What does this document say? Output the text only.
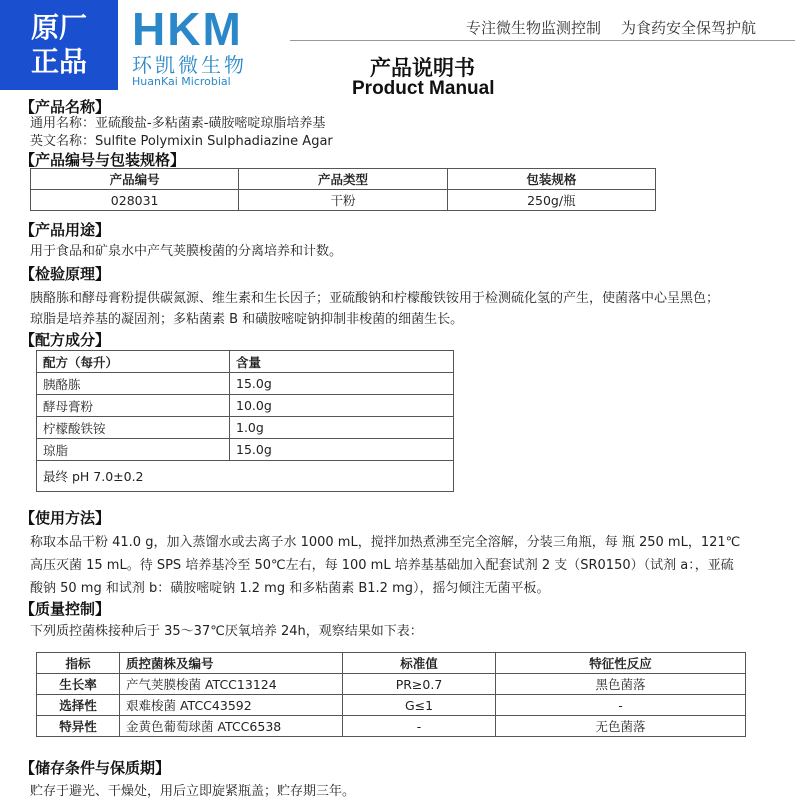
原厂
正品
HKM
环凯微生物
HuanKai Microbial
专注微生物监测控制 为食药安全保驾护航
产品说明书
Product Manual
【产品名称】
通用名称：亚硫酸盐-多粘菌素-磺胺嘧啶琼脂培养基
英文名称：Sulfite Polymixin Sulphadiazine Agar
【产品编号与包装规格】
产品编号	产品类型	包装规格
028031	干粉	250g/瓶
【产品用途】
用于食品和矿泉水中产气荚膜梭菌的分离培养和计数。
【检验原理】
胰酪胨和酵母膏粉提供碳氮源、维生素和生长因子；亚硫酸钠和柠檬酸铁铵用于检测硫化氢的产生，使菌落中心呈黑色；
琼脂是培养基的凝固剂；多粘菌素 B 和磺胺嘧啶钠抑制非梭菌的细菌生长。
【配方成分】
配方（每升）	含量
胰酪胨	15.0g
酵母膏粉	10.0g
柠檬酸铁铵	1.0g
琼脂	15.0g
最终 pH 7.0±0.2	
【使用方法】
称取本品干粉 41.0 g，加入蒸馏水或去离子水 1000 mL，搅拌加热煮沸至完全溶解，分装三角瓶，每 瓶 250 mL，121℃
高压灭菌 15 mL。待 SPS 培养基冷至 50℃左右，每 100 mL 培养基基础加入配套试剂 2 支（SR0150）（试剂 a：，亚硫
酸钠 50 mg 和试剂 b：磺胺嘧啶钠 1.2 mg 和多粘菌素 B1.2 mg），摇匀倾注无菌平板。
【质量控制】
下列质控菌株接种后于 35～37℃厌氧培养 24h，观察结果如下表：
指标	质控菌株及编号	标准值	特征性反应
生长率	产气荚膜梭菌 ATCC13124	PR≥0.7	黑色菌落
选择性	艰难梭菌 ATCC43592	G≤1	-
特异性	金黄色葡萄球菌 ATCC6538	-	无色菌落
【储存条件与保质期】
贮存于避光、干燥处，用后立即旋紧瓶盖；贮存期三年。
